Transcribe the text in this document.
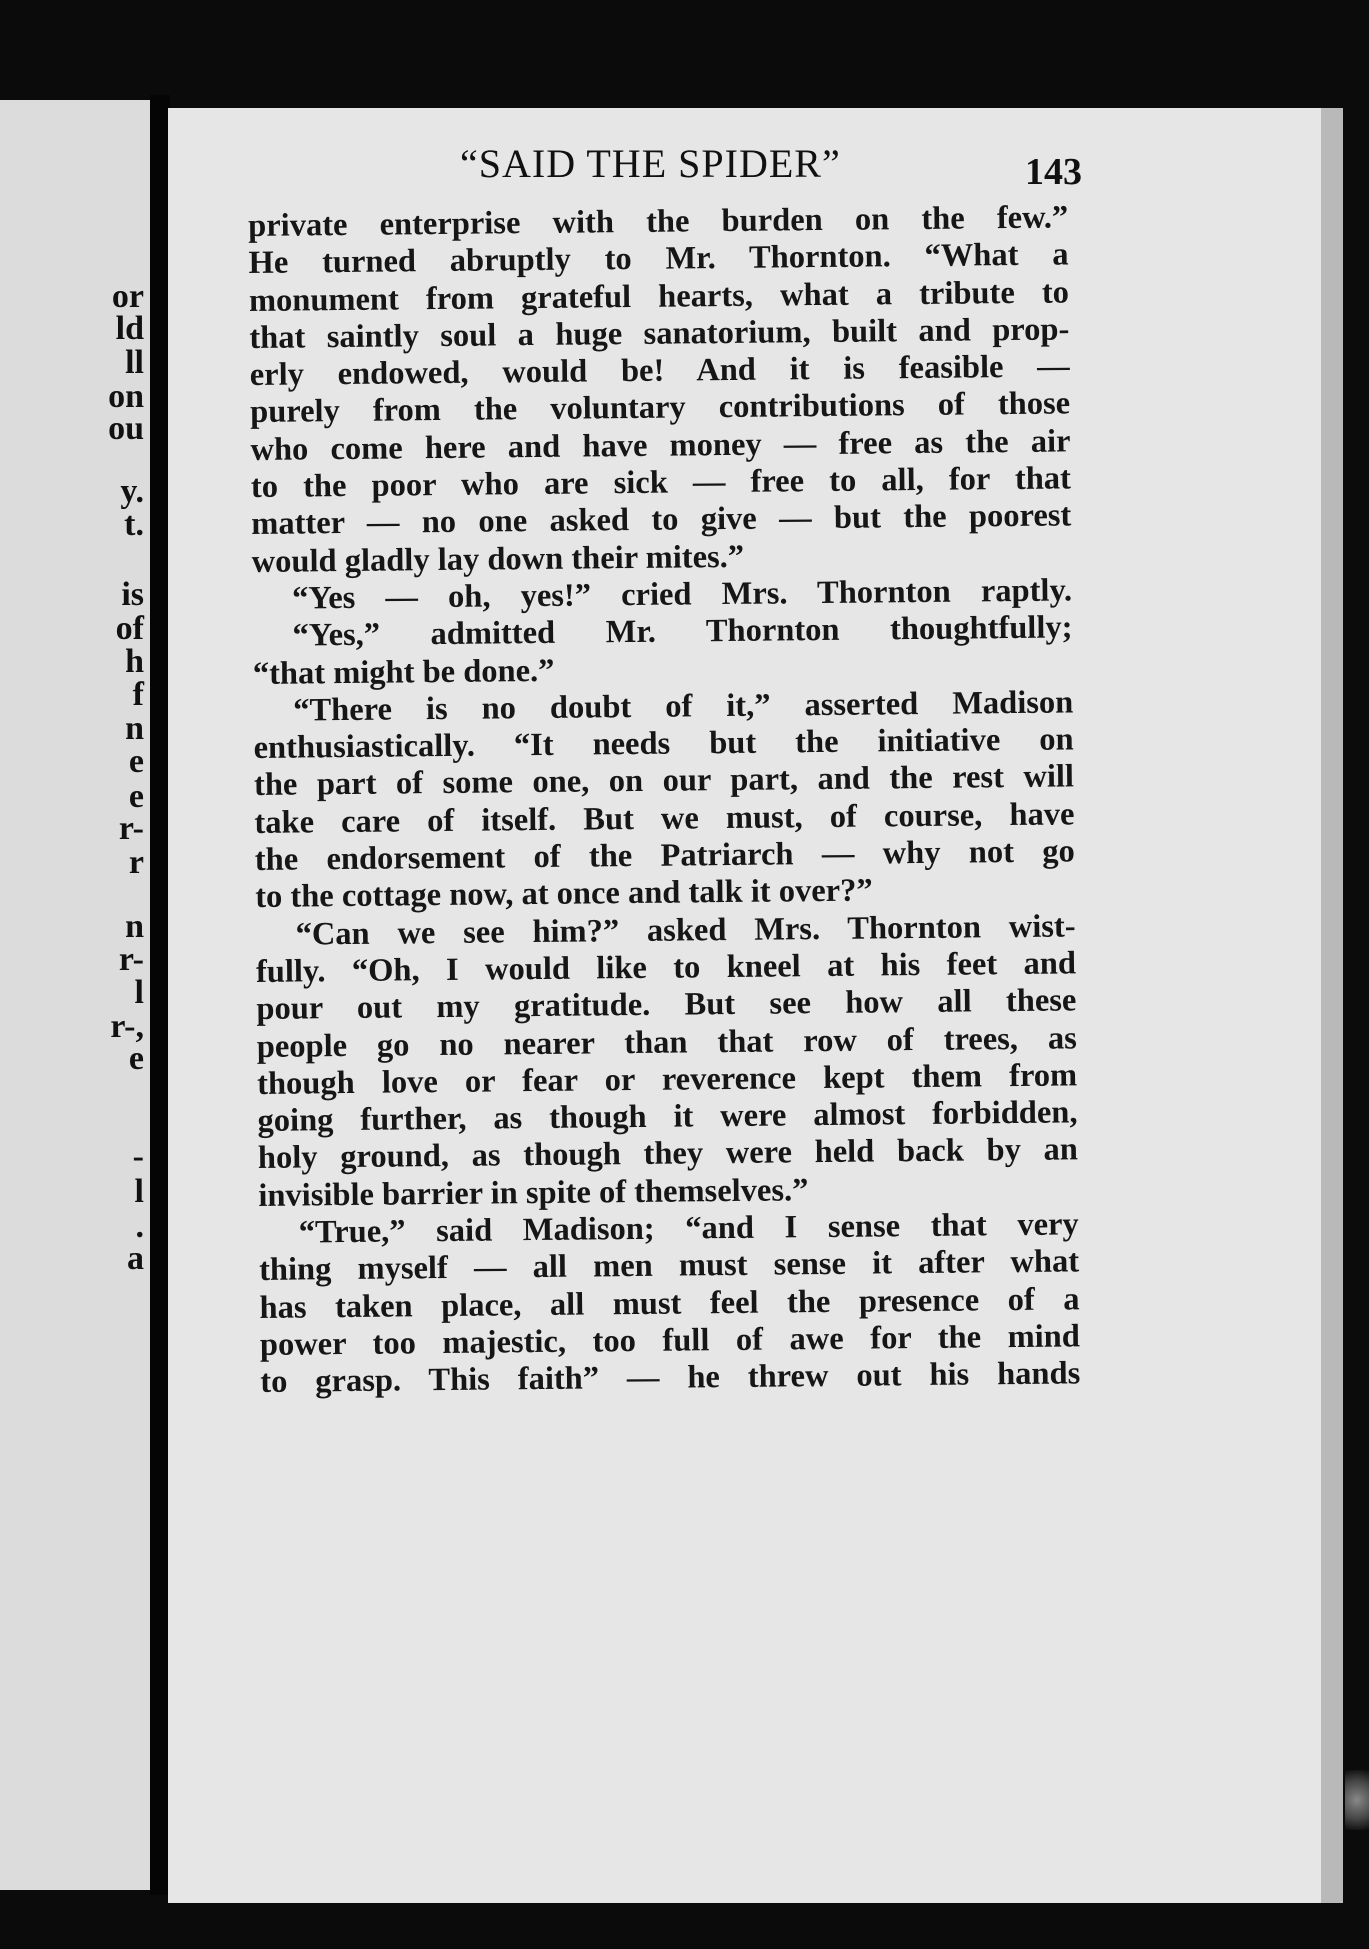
or
ld
ll
on
ou
y.
t.
is
of
h
f
n
e
e
r-
r
n
r-
l
r-,
e
-
l
.
a
“SAID THE SPIDER”	143
private enterprise with the burden on the few.”
He turned abruptly to Mr. Thornton. “What a
monument from grateful hearts, what a tribute to
that saintly soul a huge sanatorium, built and prop-
erly endowed, would be! And it is feasible —
purely from the voluntary contributions of those
who come here and have money — free as the air
to the poor who are sick — free to all, for that
matter — no one asked to give — but the poorest
would gladly lay down their mites.”
“Yes — oh, yes!” cried Mrs. Thornton raptly.
“Yes,” admitted Mr. Thornton thoughtfully;
“that might be done.”
“There is no doubt of it,” asserted Madison
enthusiastically. “It needs but the initiative on
the part of some one, on our part, and the rest will
take care of itself. But we must, of course, have
the endorsement of the Patriarch — why not go
to the cottage now, at once and talk it over?”
“Can we see him?” asked Mrs. Thornton wist-
fully. “Oh, I would like to kneel at his feet and
pour out my gratitude. But see how all these
people go no nearer than that row of trees, as
though love or fear or reverence kept them from
going further, as though it were almost forbidden,
holy ground, as though they were held back by an
invisible barrier in spite of themselves.”
“True,” said Madison; “and I sense that very
thing myself — all men must sense it after what
has taken place, all must feel the presence of a
power too majestic, too full of awe for the mind
to grasp. This faith” — he threw out his hands
